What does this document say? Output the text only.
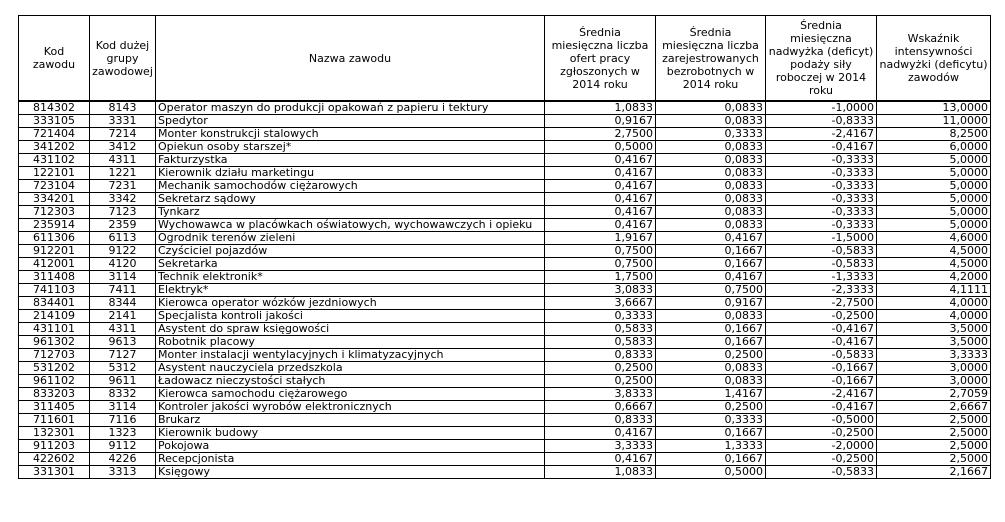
Kod zawodu	Kod dużej grupy zawodowej	Nazwa zawodu	Średnia miesięczna liczba ofert pracy zgłoszonych w 2014 roku	Średnia miesięczna liczba zarejestrowanych bezrobotnych w 2014 roku	Średnia miesięczna nadwyżka (deficyt) podaży siły roboczej w 2014 roku	Wskaźnik intensywności nadwyżki (deficytu) zawodów
814302	8143	Operator maszyn do produkcji opakowań z papieru i tektury	1,0833	0,0833	-1,0000	13,0000
333105	3331	Spedytor	0,9167	0,0833	-0,8333	11,0000
721404	7214	Monter konstrukcji stalowych	2,7500	0,3333	-2,4167	8,2500
341202	3412	Opiekun osoby starszej*	0,5000	0,0833	-0,4167	6,0000
431102	4311	Fakturzystka	0,4167	0,0833	-0,3333	5,0000
122101	1221	Kierownik działu marketingu	0,4167	0,0833	-0,3333	5,0000
723104	7231	Mechanik samochodów ciężarowych	0,4167	0,0833	-0,3333	5,0000
334201	3342	Sekretarz sądowy	0,4167	0,0833	-0,3333	5,0000
712303	7123	Tynkarz	0,4167	0,0833	-0,3333	5,0000
235914	2359	Wychowawca w placówkach oświatowych, wychowawczych i opieku	0,4167	0,0833	-0,3333	5,0000
611306	6113	Ogrodnik terenów zieleni	1,9167	0,4167	-1,5000	4,6000
912201	9122	Czyściciel pojazdów	0,7500	0,1667	-0,5833	4,5000
412001	4120	Sekretarka	0,7500	0,1667	-0,5833	4,5000
311408	3114	Technik elektronik*	1,7500	0,4167	-1,3333	4,2000
741103	7411	Elektryk*	3,0833	0,7500	-2,3333	4,1111
834401	8344	Kierowca operator wózków jezdniowych	3,6667	0,9167	-2,7500	4,0000
214109	2141	Specjalista kontroli jakości	0,3333	0,0833	-0,2500	4,0000
431101	4311	Asystent do spraw księgowości	0,5833	0,1667	-0,4167	3,5000
961302	9613	Robotnik placowy	0,5833	0,1667	-0,4167	3,5000
712703	7127	Monter instalacji wentylacyjnych i klimatyzacyjnych	0,8333	0,2500	-0,5833	3,3333
531202	5312	Asystent nauczyciela przedszkola	0,2500	0,0833	-0,1667	3,0000
961102	9611	Ładowacz nieczystości stałych	0,2500	0,0833	-0,1667	3,0000
833203	8332	Kierowca samochodu ciężarowego	3,8333	1,4167	-2,4167	2,7059
311405	3114	Kontroler jakości wyrobów elektronicznych	0,6667	0,2500	-0,4167	2,6667
711601	7116	Brukarz	0,8333	0,3333	-0,5000	2,5000
132301	1323	Kierownik budowy	0,4167	0,1667	-0,2500	2,5000
911203	9112	Pokojowa	3,3333	1,3333	-2,0000	2,5000
422602	4226	Recepcjonista	0,4167	0,1667	-0,2500	2,5000
331301	3313	Księgowy	1,0833	0,5000	-0,5833	2,1667
